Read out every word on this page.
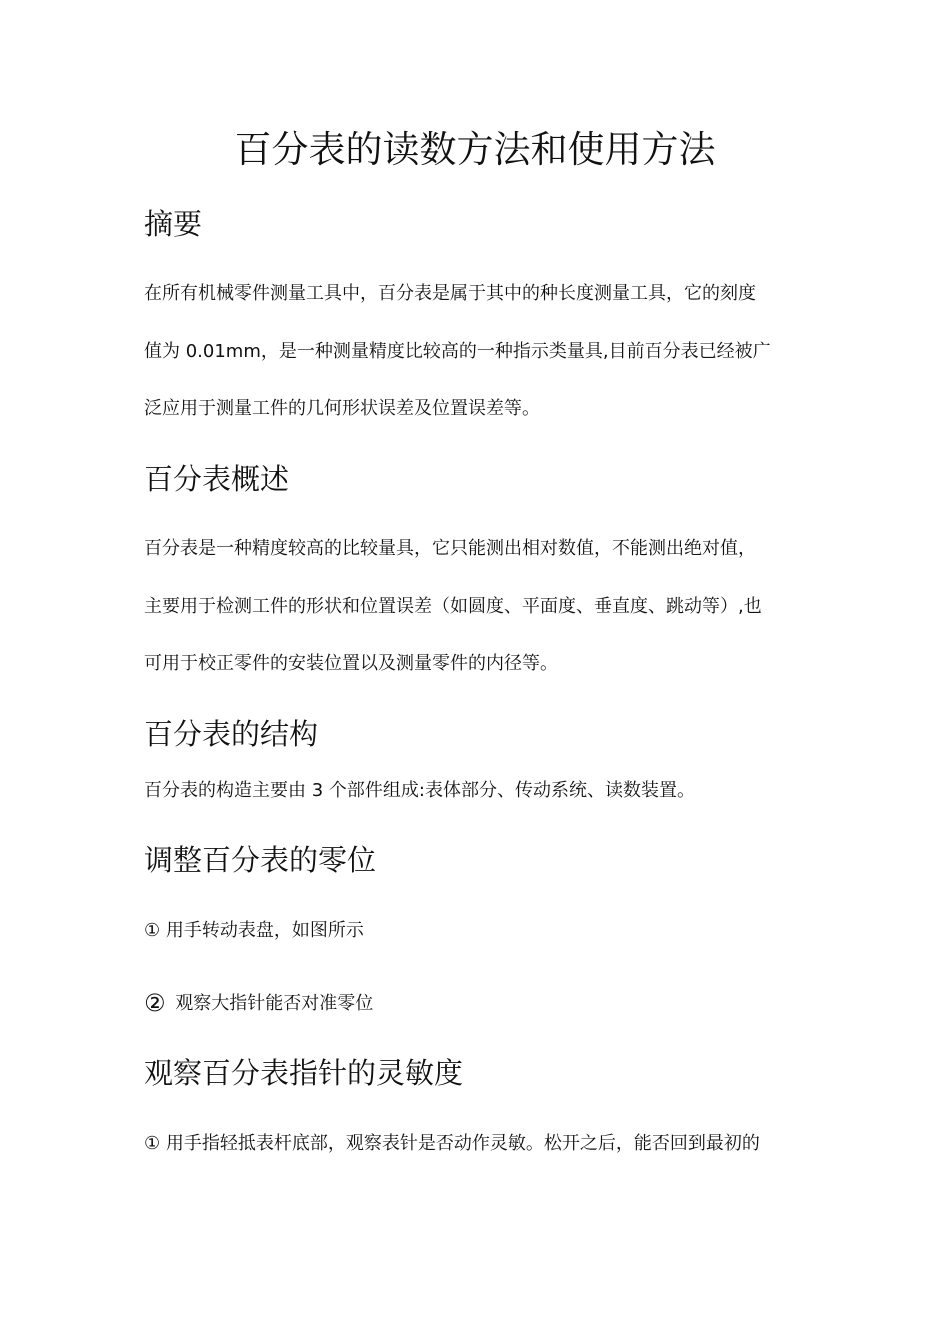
百分表的读数方法和使用方法
摘要

在所有机械零件测量工具中，百分表是属于其中的种长度测量工具，它的刻度

值为 0.01mm，是一种测量精度比较高的一种指示类量具,目前百分表已经被广

泛应用于测量工件的几何形状误差及位置误差等。

百分表概述

百分表是一种精度较高的比较量具，它只能测出相对数值，不能测出绝对值，

主要用于检测工件的形状和位置误差（如圆度、平面度、垂直度、跳动等）,也

可用于校正零件的安装位置以及测量零件的内径等。

百分表的结构

百分表的构造主要由 3 个部件组成:表体部分、传动系统、读数装置。

调整百分表的零位

① 用手转动表盘，如图所示

② 观察大指针能否对准零位

观察百分表指针的灵敏度

① 用手指轻抵表杆底部，观察表针是否动作灵敏。松开之后，能否回到最初的
